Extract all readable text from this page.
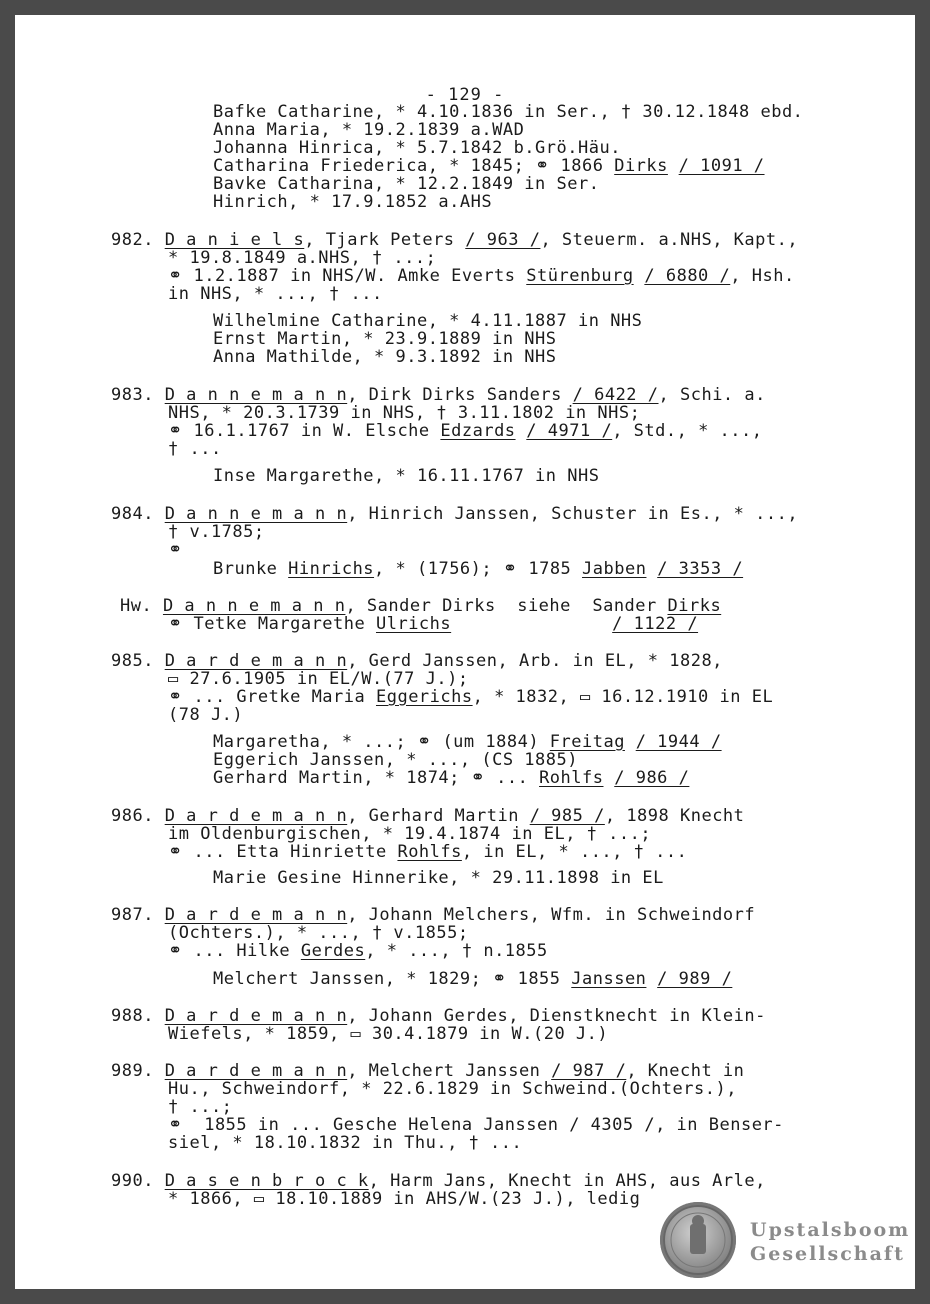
- 129 -
Bafke Catharine, * 4.10.1836 in Ser., † 30.12.1848 ebd.
Anna Maria, * 19.2.1839 a.WAD
Johanna Hinrica, * 5.7.1842 b.Grö.Häu.
Catharina Friederica, * 1845; ⚭ 1866 Dirks / 1091 /
Bavke Catharina, * 12.2.1849 in Ser.
Hinrich, * 17.9.1852 a.AHS
982. D a n i e l s, Tjark Peters / 963 /, Steuerm. a.NHS, Kapt.,
* 19.8.1849 a.NHS, † ...;
⚭ 1.2.1887 in NHS/W. Amke Everts Stürenburg / 6880 /, Hsh.
in NHS, * ..., † ...
Wilhelmine Catharine, * 4.11.1887 in NHS
Ernst Martin, * 23.9.1889 in NHS
Anna Mathilde, * 9.3.1892 in NHS
983. D a n n e m a n n, Dirk Dirks Sanders / 6422 /, Schi. a.
NHS, * 20.3.1739 in NHS, † 3.11.1802 in NHS;
⚭ 16.1.1767 in W. Elsche Edzards / 4971 /, Std., * ...,
† ...
Inse Margarethe, * 16.11.1767 in NHS
984. D a n n e m a n n, Hinrich Janssen, Schuster in Es., * ...,
† v.1785;
⚭
Brunke Hinrichs, * (1756); ⚭ 1785 Jabben / 3353 /
Hw. D a n n e m a n n, Sander Dirks  siehe  Sander Dirks
⚭ Tetke Margarethe Ulrichs	/ 1122 /
985. D a r d e m a n n, Gerd Janssen, Arb. in EL, * 1828,
▭ 27.6.1905 in EL/W.(77 J.);
⚭ ... Gretke Maria Eggerichs, * 1832, ▭ 16.12.1910 in EL
(78 J.)
Margaretha, * ...; ⚭ (um 1884) Freitag / 1944 /
Eggerich Janssen, * ..., (CS 1885)
Gerhard Martin, * 1874; ⚭ ... Rohlfs / 986 /
986. D a r d e m a n n, Gerhard Martin / 985 /, 1898 Knecht
im Oldenburgischen, * 19.4.1874 in EL, † ...;
⚭ ... Etta Hinriette Rohlfs, in EL, * ..., † ...
Marie Gesine Hinnerike, * 29.11.1898 in EL
987. D a r d e m a n n, Johann Melchers, Wfm. in Schweindorf
(Ochters.), * ..., † v.1855;
⚭ ... Hilke Gerdes, * ..., † n.1855
Melchert Janssen, * 1829; ⚭ 1855 Janssen / 989 /
988. D a r d e m a n n, Johann Gerdes, Dienstknecht in Klein-
Wiefels, * 1859, ▭ 30.4.1879 in W.(20 J.)
989. D a r d e m a n n, Melchert Janssen / 987 /, Knecht in
Hu., Schweindorf, * 22.6.1829 in Schweind.(Ochters.),
† ...;
⚭  1855 in ... Gesche Helena Janssen / 4305 /, in Benser-
siel, * 18.10.1832 in Thu., † ...
990. D a s e n b r o c k, Harm Jans, Knecht in AHS, aus Arle,
* 1866, ▭ 18.10.1889 in AHS/W.(23 J.), ledig
Upstalsboom
Gesellschaft
